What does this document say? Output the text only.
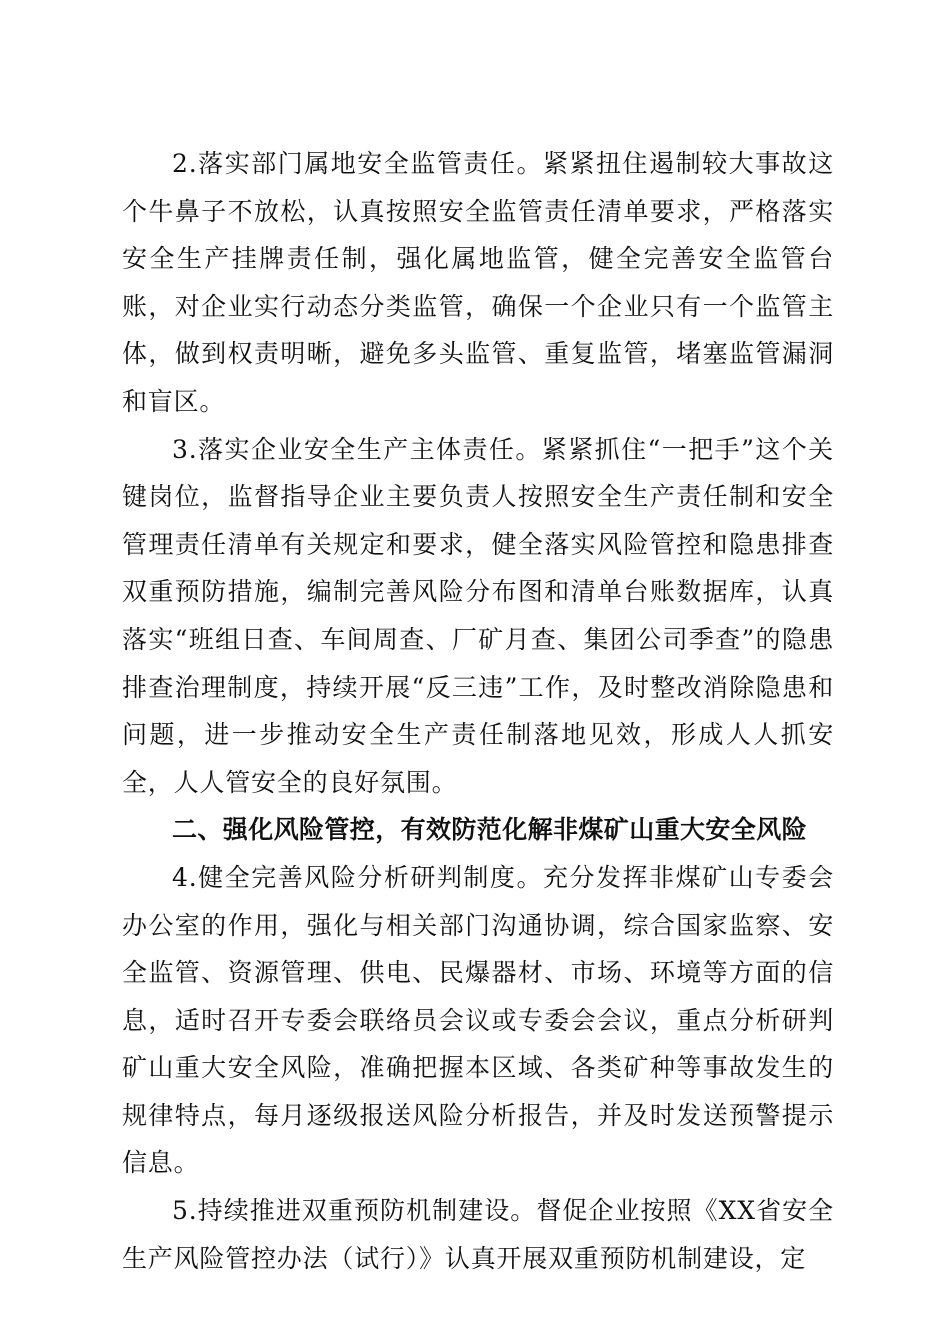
2.落实部门属地安全监管责任。紧紧扭住遏制较大事故这个牛鼻子不放松，认真按照安全监管责任清单要求，严格落实安全生产挂牌责任制，强化属地监管，健全完善安全监管台账，对企业实行动态分类监管，确保一个企业只有一个监管主体，做到权责明晰，避免多头监管、重复监管，堵塞监管漏洞和盲区。

3.落实企业安全生产主体责任。紧紧抓住“一把手”这个关键岗位，监督指导企业主要负责人按照安全生产责任制和安全管理责任清单有关规定和要求，健全落实风险管控和隐患排查双重预防措施，编制完善风险分布图和清单台账数据库，认真落实“班组日查、车间周查、厂矿月查、集团公司季查”的隐患排查治理制度，持续开展“反三违”工作，及时整改消除隐患和问题，进一步推动安全生产责任制落地见效，形成人人抓安全，人人管安全的良好氛围。

二、强化风险管控，有效防范化解非煤矿山重大安全风险

4.健全完善风险分析研判制度。充分发挥非煤矿山专委会办公室的作用，强化与相关部门沟通协调，综合国家监察、安全监管、资源管理、供电、民爆器材、市场、环境等方面的信息，适时召开专委会联络员会议或专委会会议，重点分析研判矿山重大安全风险，准确把握本区域、各类矿种等事故发生的规律特点，每月逐级报送风险分析报告，并及时发送预警提示信息。

5.持续推进双重预防机制建设。督促企业按照《XX省安全生产风险管控办法（试行）》认真开展双重预防机制建设，定
